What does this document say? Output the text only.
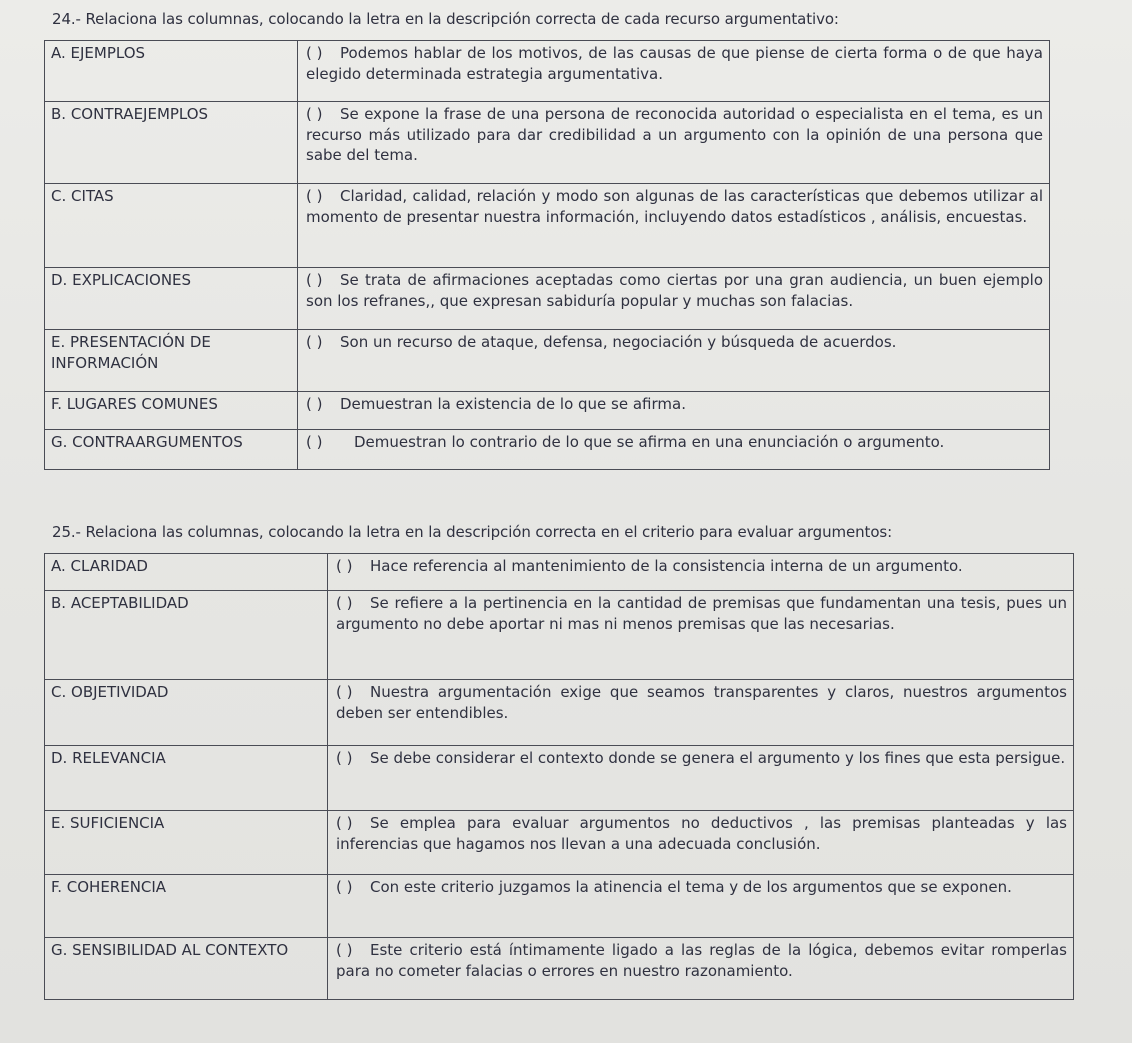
24.- Relaciona las columnas, colocando la letra en la descripción correcta de cada recurso argumentativo:
A. EJEMPLOS	( ) Podemos hablar de los motivos, de las causas de que piense de cierta forma o de que haya elegido determinada estrategia argumentativa.
B. CONTRAEJEMPLOS	( ) Se expone la frase de una persona de reconocida autoridad o especialista en el tema, es un recurso más utilizado para dar credibilidad a un argumento con la opinión de una persona que sabe del tema.
C. CITAS	( ) Claridad, calidad, relación y modo son algunas de las características que debemos utilizar al momento de presentar nuestra información, incluyendo datos estadísticos , análisis, encuestas.
D. EXPLICACIONES	( ) Se trata de afirmaciones aceptadas como ciertas por una gran audiencia, un buen ejemplo son los refranes,, que expresan sabiduría popular y muchas son falacias.
E. PRESENTACIÓN DE INFORMACIÓN	( ) Son un recurso de ataque, defensa, negociación y búsqueda de acuerdos.
F. LUGARES COMUNES	( ) Demuestran la existencia de lo que se afirma.
G. CONTRAARGUMENTOS	( ) Demuestran lo contrario de lo que se afirma en una enunciación o argumento.
25.- Relaciona las columnas, colocando la letra en la descripción correcta en el criterio para evaluar argumentos:
A. CLARIDAD	( ) Hace referencia al mantenimiento de la consistencia interna de un argumento.
B. ACEPTABILIDAD	( ) Se refiere a la pertinencia en la cantidad de premisas que fundamentan una tesis, pues un argumento no debe aportar ni mas ni menos premisas que las necesarias.
C. OBJETIVIDAD	( ) Nuestra argumentación exige que seamos transparentes y claros, nuestros argumentos deben ser entendibles.
D. RELEVANCIA	( ) Se debe considerar el contexto donde se genera el argumento y los fines que esta persigue.
E. SUFICIENCIA	( ) Se emplea para evaluar argumentos no deductivos , las premisas planteadas y las inferencias que hagamos nos llevan a una adecuada conclusión.
F. COHERENCIA	( ) Con este criterio juzgamos la atinencia el tema y de los argumentos que se exponen.
G. SENSIBILIDAD AL CONTEXTO	( ) Este criterio está íntimamente ligado a las reglas de la lógica, debemos evitar romperlas para no cometer falacias o errores en nuestro razonamiento.
